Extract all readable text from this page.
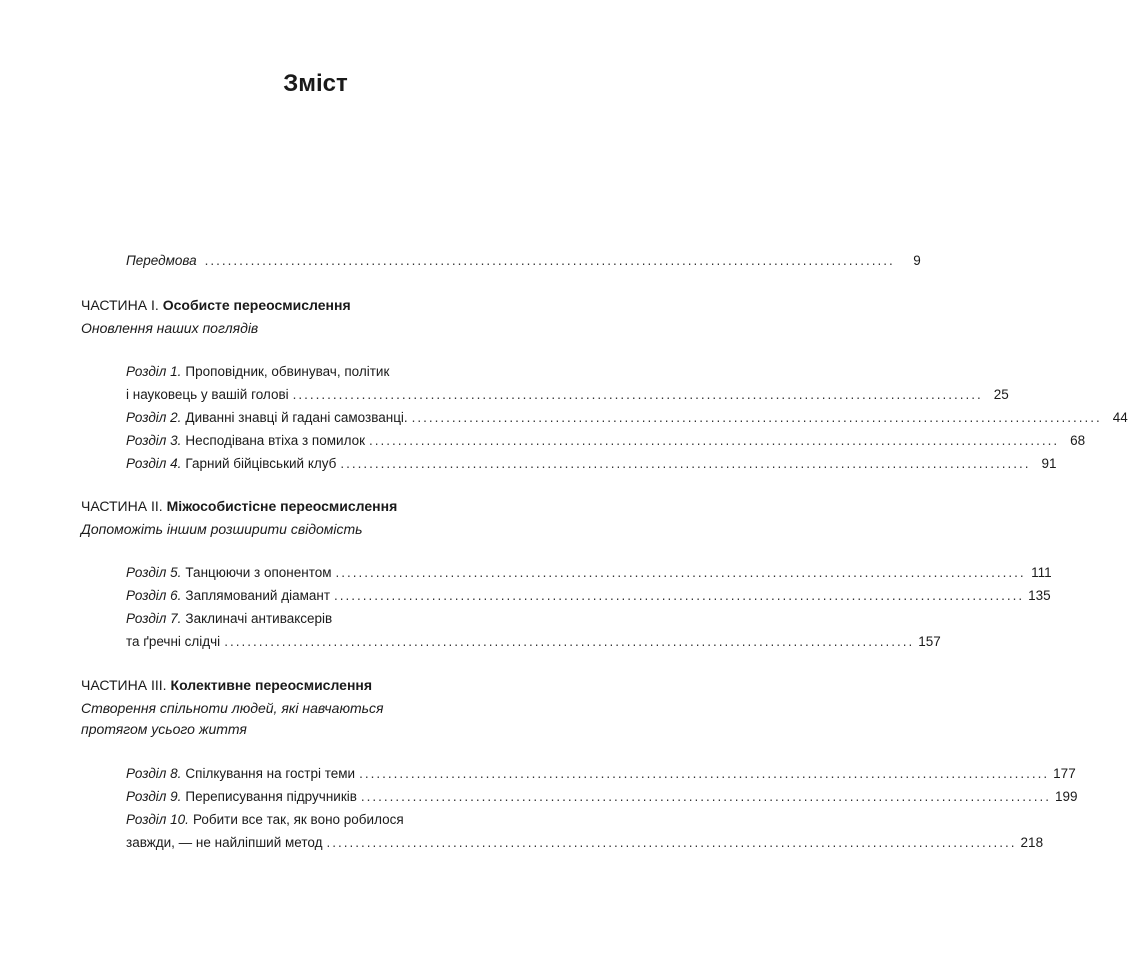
Зміст
Передмова ........................................................................................................................	9
ЧАСТИНА I. Особисте переосмислення
Оновлення наших поглядів
Розділ 1. Проповідник, обвинувач, політик
і науковець у вашій голові ........................................................................................................................ 25
Розділ 2. Диванні знавці й гадані самозванці. ........................................................................................................................ 44
Розділ 3. Несподівана втіха з помилок ........................................................................................................................ 68
Розділ 4. Гарний бійцівський клуб ........................................................................................................................ 91
ЧАСТИНА II. Міжособистісне переосмислення
Допоможіть іншим розширити свідомість
Розділ 5. Танцюючи з опонентом ........................................................................................................................ 111
Розділ 6. Заплямований діамант ........................................................................................................................ 135
Розділ 7. Заклиначі антиваксерів
та ґречні слідчі ........................................................................................................................ 157
ЧАСТИНА III. Колективне переосмислення
Створення спільноти людей, які навчаються
протягом усього життя
Розділ 8. Спілкування на гострі теми ........................................................................................................................ 177
Розділ 9. Переписування підручників ........................................................................................................................ 199
Розділ 10. Робити все так, як воно робилося
завжди, — не найліпший метод ........................................................................................................................ 218
